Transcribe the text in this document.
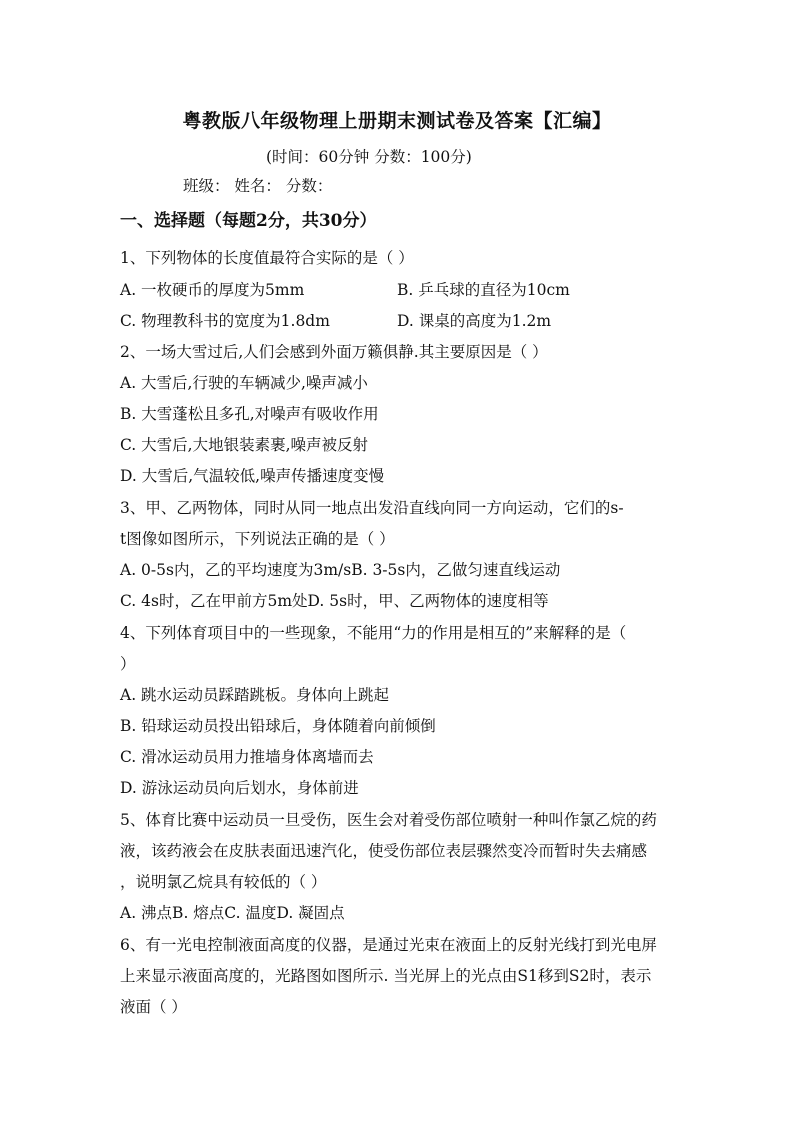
粤教版八年级物理上册期末测试卷及答案【汇编】
(时间：60分钟 分数：100分)
班级： 姓名： 分数：
一、选择题（每题2分，共30分）
1、下列物体的长度值最符合实际的是（ ）
A. 一枚硬币的厚度为5mm	B. 乒乓球的直径为10cm
C. 物理教科书的宽度为1.8dm	D. 课桌的高度为1.2m
2、一场大雪过后,人们会感到外面万籁俱静.其主要原因是（ ）
A. 大雪后,行驶的车辆减少,噪声减小
B. 大雪蓬松且多孔,对噪声有吸收作用
C. 大雪后,大地银装素裹,噪声被反射
D. 大雪后,气温较低,噪声传播速度变慢
3、甲、乙两物体，同时从同一地点出发沿直线向同一方向运动，它们的s-
t图像如图所示，下列说法正确的是（ ）
A. 0-5s内，乙的平均速度为3m/sB. 3-5s内，乙做匀速直线运动
C. 4s时，乙在甲前方5m处D. 5s时，甲、乙两物体的速度相等
4、下列体育项目中的一些现象，不能用“力的作用是相互的”来解释的是（
）
A. 跳水运动员踩踏跳板。身体向上跳起
B. 铅球运动员投出铅球后，身体随着向前倾倒
C. 滑冰运动员用力推墙身体离墙而去
D. 游泳运动员向后划水，身体前进
5、体育比赛中运动员一旦受伤，医生会对着受伤部位喷射一种叫作氯乙烷的药
液，该药液会在皮肤表面迅速汽化，使受伤部位表层骤然变冷而暂时失去痛感
，说明氯乙烷具有较低的（ ）
A. 沸点B. 熔点C. 温度D. 凝固点
6、有一光电控制液面高度的仪器，是通过光束在液面上的反射光线打到光电屏
上来显示液面高度的，光路图如图所示. 当光屏上的光点由S1移到S2时，表示
液面（ ）
